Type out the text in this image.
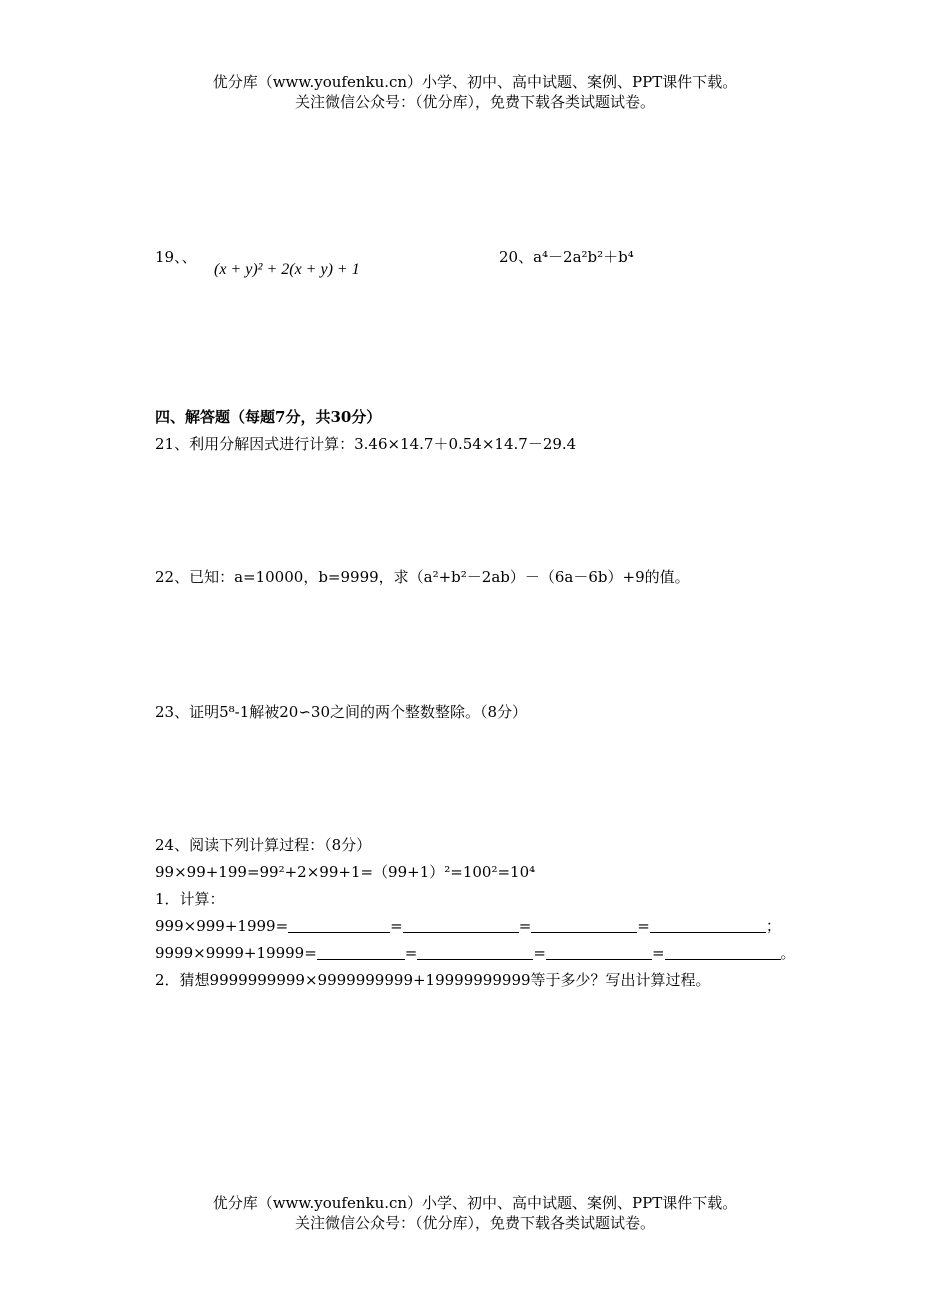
优分库（www.youfenku.cn）小学、初中、高中试题、案例、PPT课件下载。
关注微信公众号：（优分库），免费下载各类试题试卷。
19、、
(x + y)² + 2(x + y) + 1
20、a⁴－2a²b²＋b⁴
四、解答题（每题7分，共30分）
21、利用分解因式进行计算：3.46×14.7＋0.54×14.7－29.4
22、已知：a=10000，b=9999，求（a²+b²－2ab）－（6a－6b）+9的值。
23、证明5⁸-1解被20∽30之间的两个整数整除。（8分）
24、阅读下列计算过程：（8分）
99×99+199=99²+2×99+1=（99+1）²=100²=10⁴
1．计算：
999×999+1999=	=	=	=	；
9999×9999+19999=	=	=	=	。
2．猜想9999999999×9999999999+19999999999等于多少？写出计算过程。
优分库（www.youfenku.cn）小学、初中、高中试题、案例、PPT课件下载。
关注微信公众号：（优分库），免费下载各类试题试卷。
